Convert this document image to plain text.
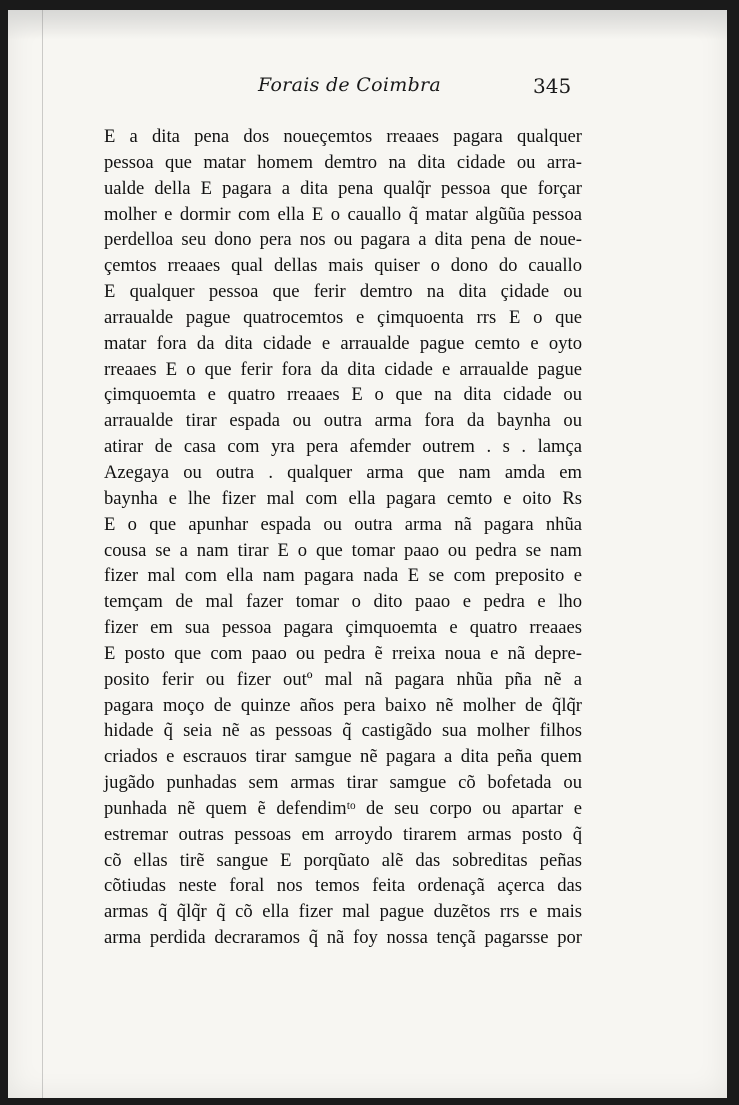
Forais de Coimbra	345
E a dita pena dos noueçemtos rreaaes pagara qualquer
pessoa que matar homem demtro na dita cidade ou arra-
ualde della E pagara a dita pena qualq̃r pessoa que forçar
molher e dormir com ella E o cauallo q̃ matar algũũa pessoa
perdelloa seu dono pera nos ou pagara a dita pena de noue-
çemtos rreaaes qual dellas mais quiser o dono do cauallo
E qualquer pessoa que ferir demtro na dita çidade ou
arraualde pague quatrocemtos e çimquoenta rrs E o que
matar fora da dita cidade e arraualde pague cemto e oyto
rreaaes E o que ferir fora da dita cidade e arraualde pague
çimquoemta e quatro rreaaes E o que na dita cidade ou
arraualde tirar espada ou outra arma fora da baynha ou
atirar de casa com yra pera afemder outrem . s . lamça
Azegaya ou outra . qualquer arma que nam amda em
baynha e lhe fizer mal com ella pagara cemto e oito Rs
E o que apunhar espada ou outra arma nã pagara nhũa
cousa se a nam tirar E o que tomar paao ou pedra se nam
fizer mal com ella nam pagara nada E se com preposito e
temçam de mal fazer tomar o dito paao e pedra e lho
fizer em sua pessoa pagara çimquoemta e quatro rreaaes
E posto que com paao ou pedra ẽ rreixa noua e nã depre-
posito ferir ou fizer outº mal nã pagara nhũa pña nẽ a
pagara moço de quinze años pera baixo nẽ molher de q̃lq̃r
hidade q̃ seia nẽ as pessoas q̃ castigãdo sua molher filhos
criados e escrauos tirar samgue nẽ pagara a dita peña quem
jugãdo punhadas sem armas tirar samgue cõ bofetada ou
punhada nẽ quem ẽ defendimᵗᵒ de seu corpo ou apartar e
estremar outras pessoas em arroydo tirarem armas posto q̃
cõ ellas tirẽ sangue E porqũato alẽ das sobreditas peñas
cõtiudas neste foral nos temos feita ordenaçã açerca das
armas q̃ q̃lq̃r q̃ cõ ella fizer mal pague duzẽtos rrs e mais
arma perdida decraramos q̃ nã foy nossa tençã pagarsse por
